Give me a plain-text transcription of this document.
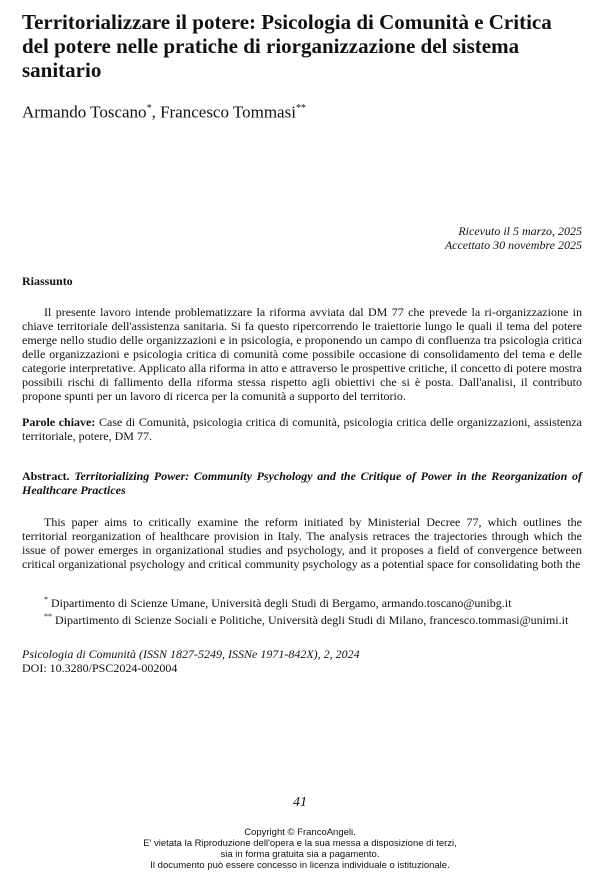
Territorializzare il potere: Psicologia di Comunità e Critica del potere nelle pratiche di riorganizzazione del sistema sanitario
Armando Toscano*, Francesco Tommasi**
Ricevuto il 5 marzo, 2025
Accettato 30 novembre 2025
Riassunto

Il presente lavoro intende problematizzare la riforma avviata dal DM 77 che prevede la ri-organizzazione in chiave territoriale dell'assistenza sanitaria. Si fa questo ripercorrendo le traiettorie lungo le quali il tema del potere emerge nello studio delle organizzazioni e in psicologia, e proponendo un campo di confluenza tra psicologia critica delle organizzazioni e psicologia critica di comunità come possibile occasione di consolidamento del tema e delle categorie interpretative. Applicato alla riforma in atto e attraverso le prospettive critiche, il concetto di potere mostra possibili rischi di fallimento della riforma stessa rispetto agli obiettivi che si è posta. Dall'analisi, il contributo propone spunti per un lavoro di ricerca per la comunità a supporto del territorio.

Parole chiave: Case di Comunità, psicologia critica di comunità, psicologia critica delle organizzazioni, assistenza territoriale, potere, DM 77.
Abstract. Territorializing Power: Community Psychology and the Critique of Power in the Reorganization of Healthcare Practices

This paper aims to critically examine the reform initiated by Ministerial Decree 77, which outlines the territorial reorganization of healthcare provision in Italy. The analysis retraces the trajectories through which the issue of power emerges in organizational studies and psychology, and it proposes a field of convergence between critical organizational psychology and critical community psychology as a potential space for consolidating both the

* Dipartimento di Scienze Umane, Università degli Studi di Bergamo, armando.toscano@unibg.it

** Dipartimento di Scienze Sociali e Politiche, Università degli Studi di Milano, francesco.tommasi@unimi.it

Psicologia di Comunità (ISSN 1827-5249, ISSNe 1971-842X), 2, 2024
DOI: 10.3280/PSC2024-002004
41
Copyright © FrancoAngeli.
E' vietata la Riproduzione dell'opera e la sua messa a disposizione di terzi,
sia in forma gratuita sia a pagamento.
Il documento può essere concesso in licenza individuale o istituzionale.
